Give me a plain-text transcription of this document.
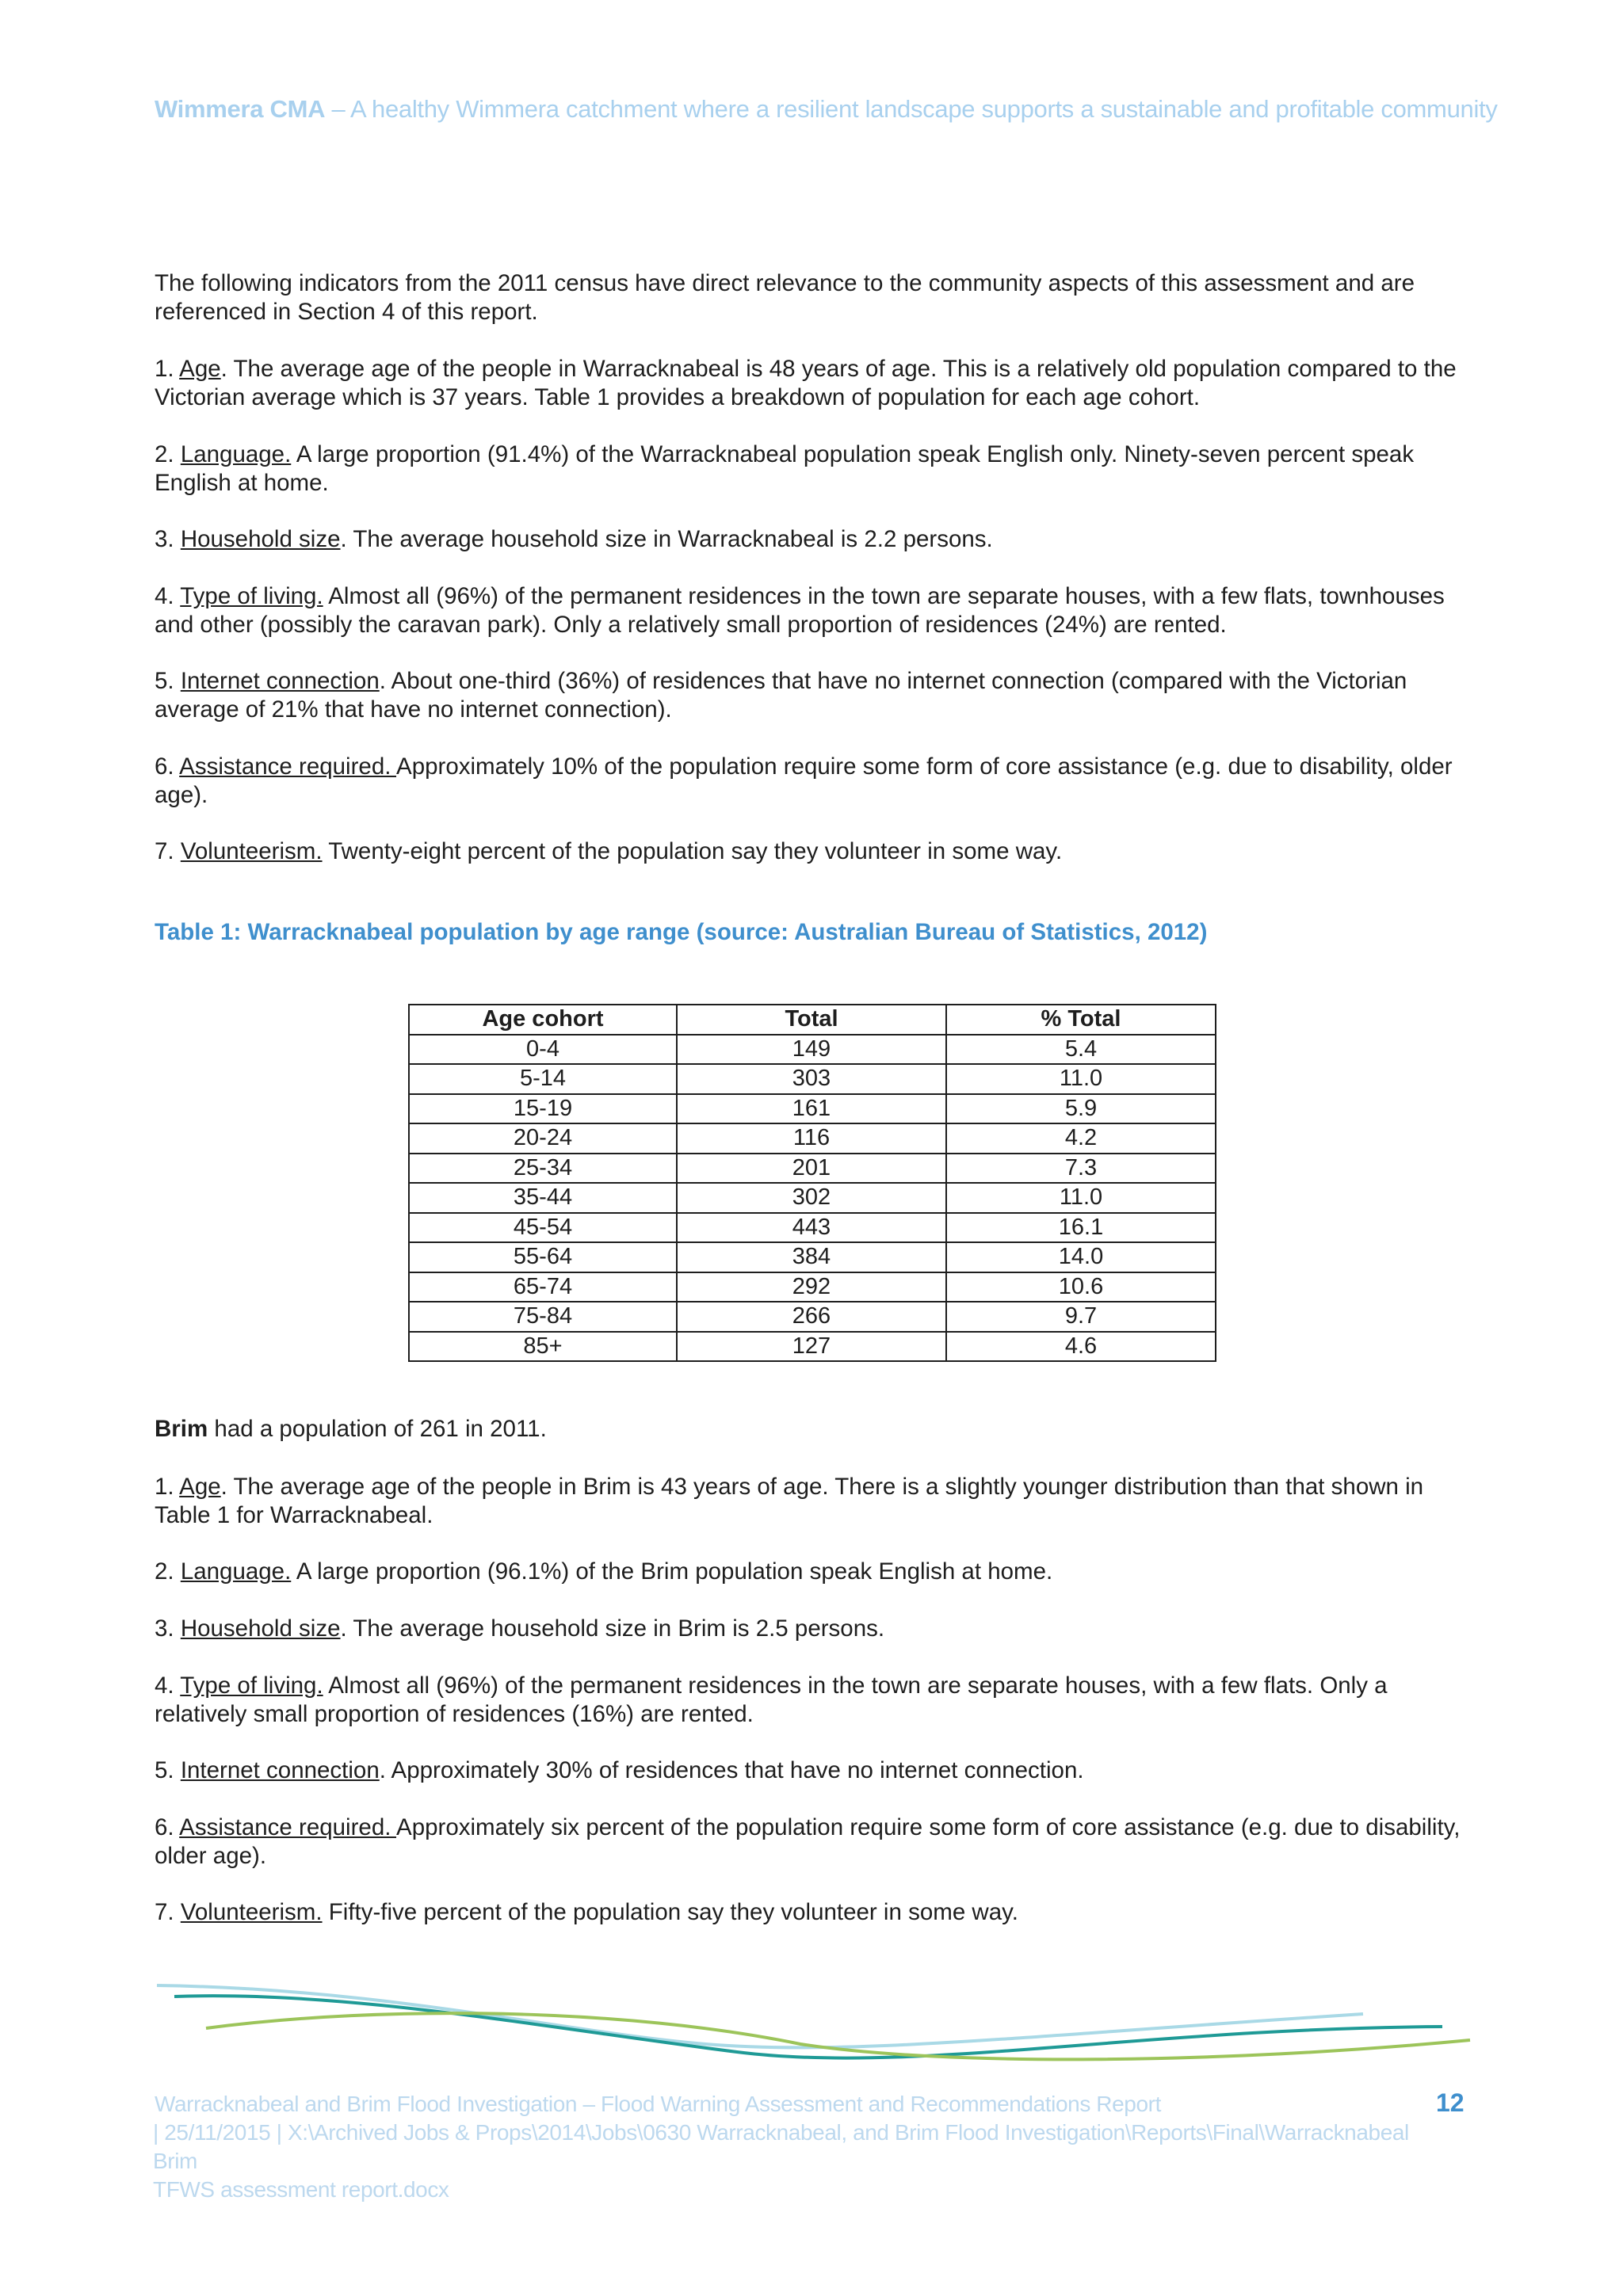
Wimmera CMA – A healthy Wimmera catchment where a resilient landscape supports a sustainable and profitable community
The following indicators from the 2011 census have direct relevance to the community aspects of this assessment and are referenced in Section 4 of this report.
1. Age. The average age of the people in Warracknabeal is 48 years of age. This is a relatively old population compared to the Victorian average which is 37 years. Table 1 provides a breakdown of population for each age cohort.
2. Language. A large proportion (91.4%) of the Warracknabeal population speak English only. Ninety-seven percent speak English at home.
3. Household size. The average household size in Warracknabeal is 2.2 persons.
4. Type of living. Almost all (96%) of the permanent residences in the town are separate houses, with a few flats, townhouses and other (possibly the caravan park). Only a relatively small proportion of residences (24%) are rented.
5. Internet connection. About one-third (36%) of residences that have no internet connection (compared with the Victorian average of 21% that have no internet connection).
6. Assistance required. Approximately 10% of the population require some form of core assistance (e.g. due to disability, older age).
7. Volunteerism. Twenty-eight percent of the population say they volunteer in some way.
Table 1: Warracknabeal population by age range (source: Australian Bureau of Statistics, 2012)
Age cohort	Total	% Total
0-4	149	5.4
5-14	303	11.0
15-19	161	5.9
20-24	116	4.2
25-34	201	7.3
35-44	302	11.0
45-54	443	16.1
55-64	384	14.0
65-74	292	10.6
75-84	266	9.7
85+	127	4.6
Brim had a population of 261 in 2011.
1. Age. The average age of the people in Brim is 43 years of age. There is a slightly younger distribution than that shown in Table 1 for Warracknabeal.
2. Language. A large proportion (96.1%) of the Brim population speak English at home.
3. Household size. The average household size in Brim is 2.5 persons.
4. Type of living. Almost all (96%) of the permanent residences in the town are separate houses, with a few flats. Only a relatively small proportion of residences (16%) are rented.
5. Internet connection. Approximately 30% of residences that have no internet connection.
6. Assistance required. Approximately six percent of the population require some form of core assistance (e.g. due to disability, older age).
7. Volunteerism. Fifty-five percent of the population say they volunteer in some way.
Warracknabeal and Brim Flood Investigation – Flood Warning Assessment and Recommendations Report
| 25/11/2015 | X:\Archived Jobs & Props\2014\Jobs\0630 Warracknabeal, and Brim Flood Investigation\Reports\Final\Warracknabeal Brim
TFWS assessment report.docx
12
